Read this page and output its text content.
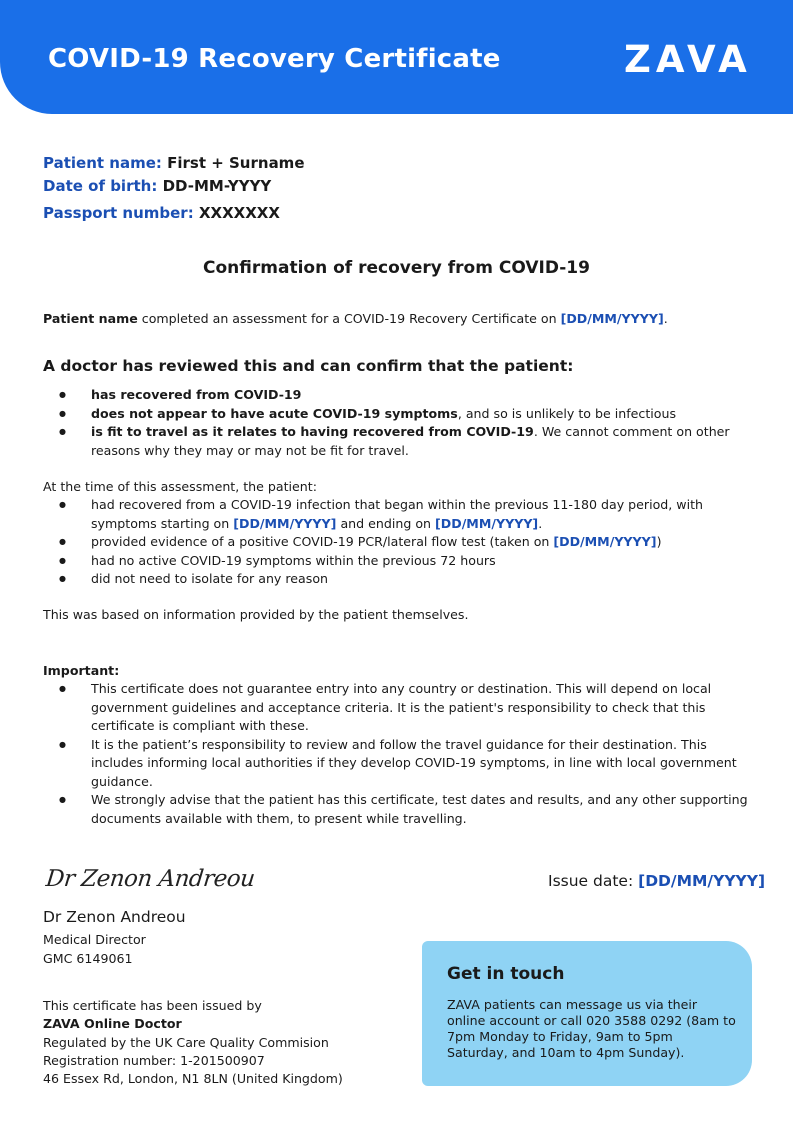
COVID-19 Recovery Certificate	ZAVA
Patient name: First + Surname
Date of birth: DD-MM-YYYY
Passport number: XXXXXXX
Confirmation of recovery from COVID-19
Patient name completed an assessment for a COVID-19 Recovery Certificate on [DD/MM/YYYY].
A doctor has reviewed this and can confirm that the patient:
● has recovered from COVID-19
● does not appear to have acute COVID-19 symptoms, and so is unlikely to be infectious
● is fit to travel as it relates to having recovered from COVID-19. We cannot comment on other reasons why they may or may not be fit for travel.
At the time of this assessment, the patient:
● had recovered from a COVID-19 infection that began within the previous 11-180 day period, with symptoms starting on [DD/MM/YYYY] and ending on [DD/MM/YYYY].
● provided evidence of a positive COVID-19 PCR/lateral flow test (taken on [DD/MM/YYYY])
● had no active COVID-19 symptoms within the previous 72 hours
● did not need to isolate for any reason
This was based on information provided by the patient themselves.
Important:
● This certificate does not guarantee entry into any country or destination. This will depend on local government guidelines and acceptance criteria. It is the patient's responsibility to check that this certificate is compliant with these.
● It is the patient’s responsibility to review and follow the travel guidance for their destination. This includes informing local authorities if they develop COVID-19 symptoms, in line with local government guidance.
● We strongly advise that the patient has this certificate, test dates and results, and any other supporting documents available with them, to present while travelling.
Dr Zenon Andreou	Issue date: [DD/MM/YYYY]
Dr Zenon Andreou
Medical Director
GMC 6149061
This certificate has been issued by
ZAVA Online Doctor
Regulated by the UK Care Quality Commision
Registration number: 1-201500907
46 Essex Rd, London, N1 8LN (United Kingdom)
Get in touch
ZAVA patients can message us via their online account or call 020 3588 0292 (8am to 7pm Monday to Friday, 9am to 5pm Saturday, and 10am to 4pm Sunday).
